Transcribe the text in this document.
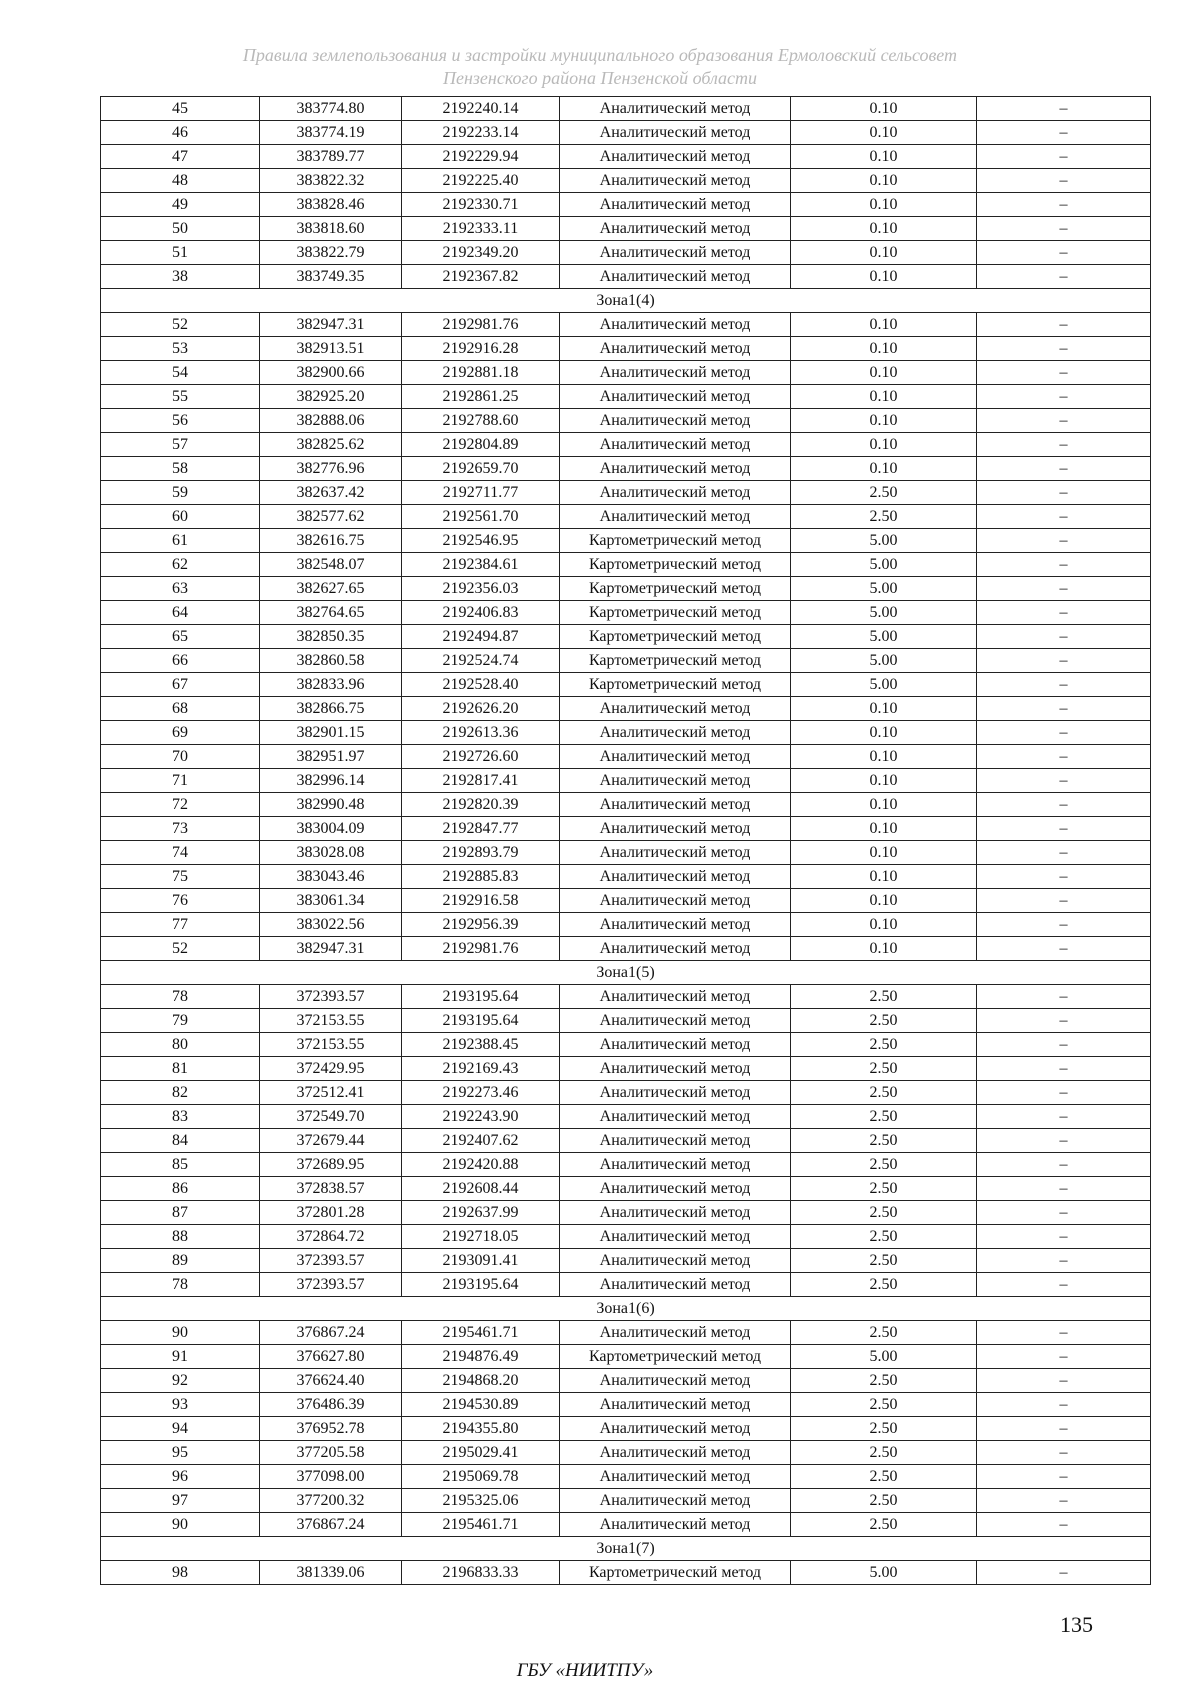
Правила землепользования и застройки муниципального образования Ермоловский сельсовет
Пензенского района Пензенской области
45	383774.80	2192240.14	Аналитический метод	0.10	–
46	383774.19	2192233.14	Аналитический метод	0.10	–
47	383789.77	2192229.94	Аналитический метод	0.10	–
48	383822.32	2192225.40	Аналитический метод	0.10	–
49	383828.46	2192330.71	Аналитический метод	0.10	–
50	383818.60	2192333.11	Аналитический метод	0.10	–
51	383822.79	2192349.20	Аналитический метод	0.10	–
38	383749.35	2192367.82	Аналитический метод	0.10	–
Зона1(4)					
52	382947.31	2192981.76	Аналитический метод	0.10	–
53	382913.51	2192916.28	Аналитический метод	0.10	–
54	382900.66	2192881.18	Аналитический метод	0.10	–
55	382925.20	2192861.25	Аналитический метод	0.10	–
56	382888.06	2192788.60	Аналитический метод	0.10	–
57	382825.62	2192804.89	Аналитический метод	0.10	–
58	382776.96	2192659.70	Аналитический метод	0.10	–
59	382637.42	2192711.77	Аналитический метод	2.50	–
60	382577.62	2192561.70	Аналитический метод	2.50	–
61	382616.75	2192546.95	Картометрический метод	5.00	–
62	382548.07	2192384.61	Картометрический метод	5.00	–
63	382627.65	2192356.03	Картометрический метод	5.00	–
64	382764.65	2192406.83	Картометрический метод	5.00	–
65	382850.35	2192494.87	Картометрический метод	5.00	–
66	382860.58	2192524.74	Картометрический метод	5.00	–
67	382833.96	2192528.40	Картометрический метод	5.00	–
68	382866.75	2192626.20	Аналитический метод	0.10	–
69	382901.15	2192613.36	Аналитический метод	0.10	–
70	382951.97	2192726.60	Аналитический метод	0.10	–
71	382996.14	2192817.41	Аналитический метод	0.10	–
72	382990.48	2192820.39	Аналитический метод	0.10	–
73	383004.09	2192847.77	Аналитический метод	0.10	–
74	383028.08	2192893.79	Аналитический метод	0.10	–
75	383043.46	2192885.83	Аналитический метод	0.10	–
76	383061.34	2192916.58	Аналитический метод	0.10	–
77	383022.56	2192956.39	Аналитический метод	0.10	–
52	382947.31	2192981.76	Аналитический метод	0.10	–
Зона1(5)					
78	372393.57	2193195.64	Аналитический метод	2.50	–
79	372153.55	2193195.64	Аналитический метод	2.50	–
80	372153.55	2192388.45	Аналитический метод	2.50	–
81	372429.95	2192169.43	Аналитический метод	2.50	–
82	372512.41	2192273.46	Аналитический метод	2.50	–
83	372549.70	2192243.90	Аналитический метод	2.50	–
84	372679.44	2192407.62	Аналитический метод	2.50	–
85	372689.95	2192420.88	Аналитический метод	2.50	–
86	372838.57	2192608.44	Аналитический метод	2.50	–
87	372801.28	2192637.99	Аналитический метод	2.50	–
88	372864.72	2192718.05	Аналитический метод	2.50	–
89	372393.57	2193091.41	Аналитический метод	2.50	–
78	372393.57	2193195.64	Аналитический метод	2.50	–
Зона1(6)					
90	376867.24	2195461.71	Аналитический метод	2.50	–
91	376627.80	2194876.49	Картометрический метод	5.00	–
92	376624.40	2194868.20	Аналитический метод	2.50	–
93	376486.39	2194530.89	Аналитический метод	2.50	–
94	376952.78	2194355.80	Аналитический метод	2.50	–
95	377205.58	2195029.41	Аналитический метод	2.50	–
96	377098.00	2195069.78	Аналитический метод	2.50	–
97	377200.32	2195325.06	Аналитический метод	2.50	–
90	376867.24	2195461.71	Аналитический метод	2.50	–
Зона1(7)					
98	381339.06	2196833.33	Картометрический метод	5.00	–
135
ГБУ «НИИТПУ»
